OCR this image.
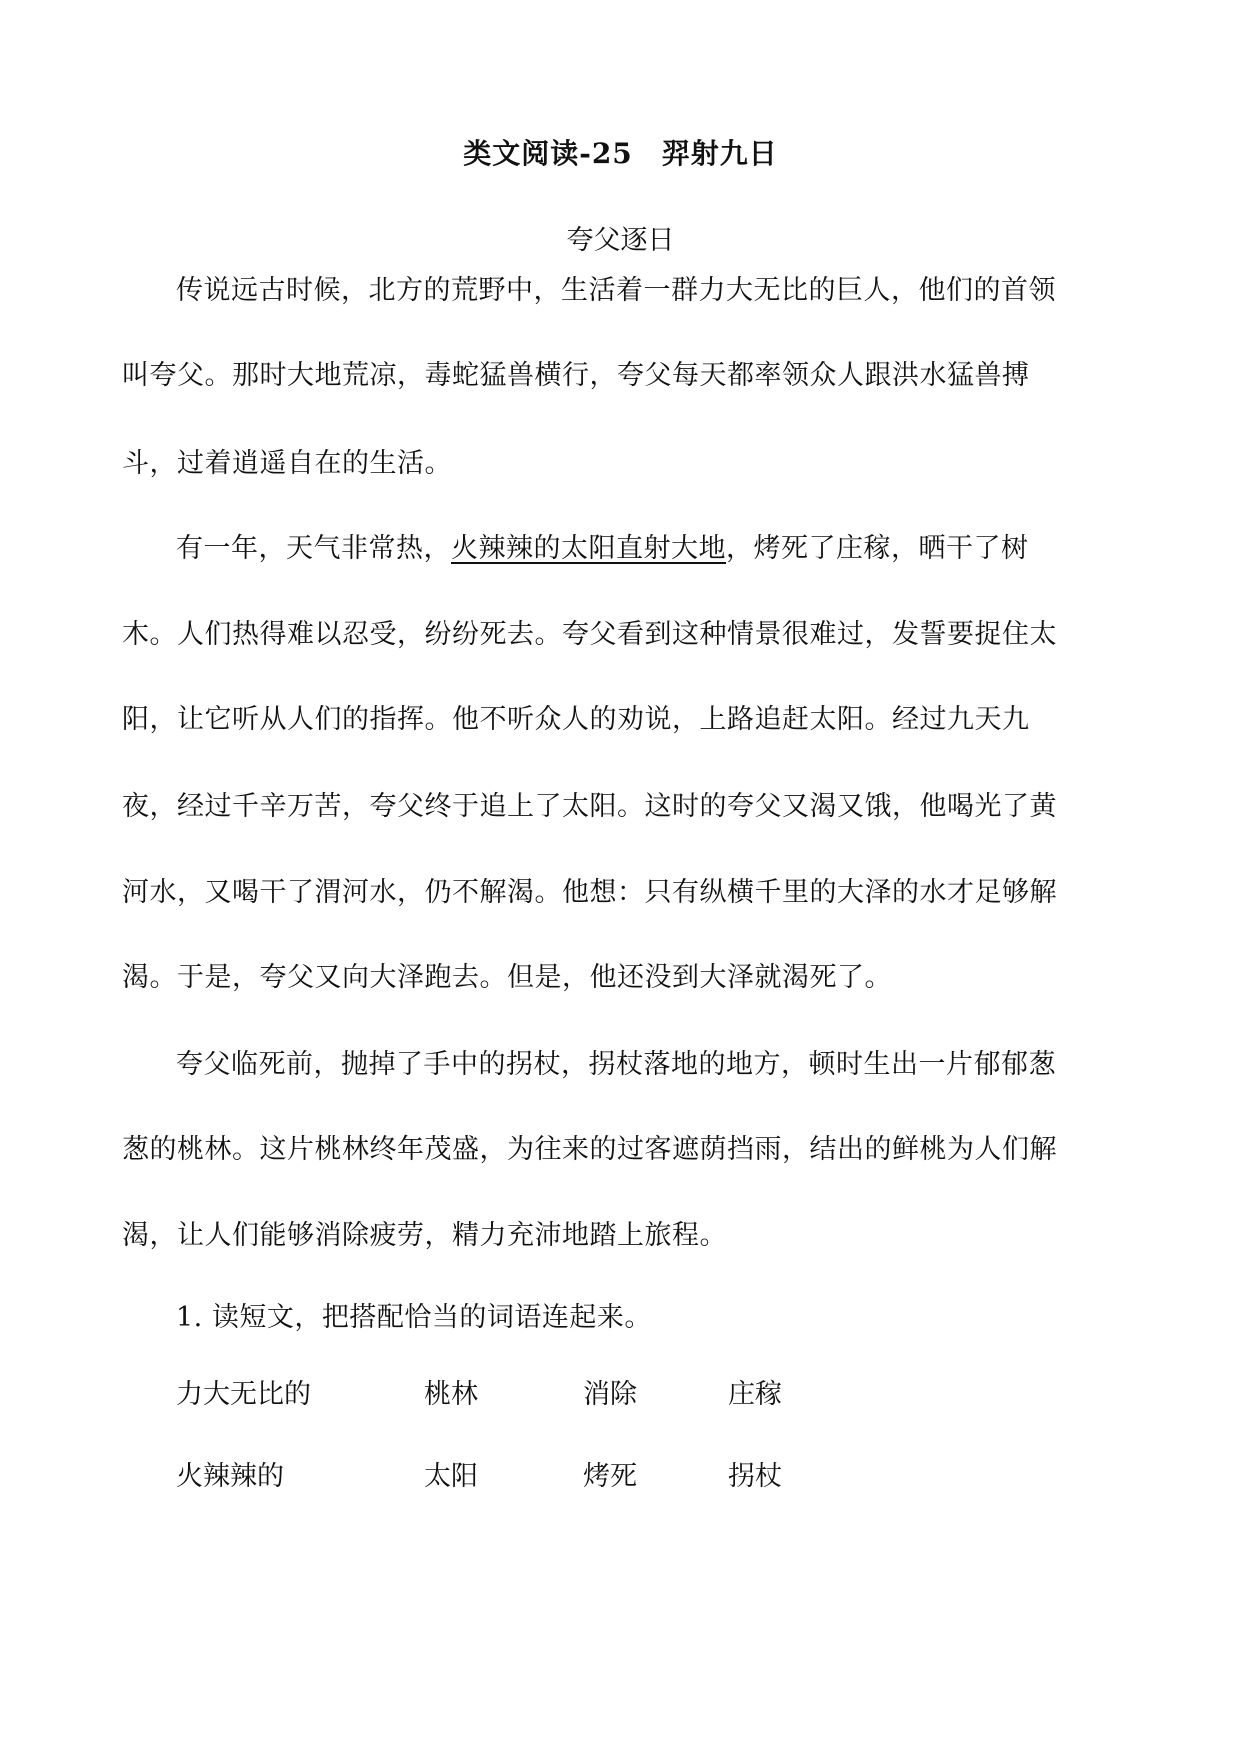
类文阅读-25　羿射九日
夸父逐日
传说远古时候，北方的荒野中，生活着一群力大无比的巨人，他们的首领
叫夸父。那时大地荒凉，毒蛇猛兽横行，夸父每天都率领众人跟洪水猛兽搏
斗，过着逍遥自在的生活。
有一年，天气非常热，火辣辣的太阳直射大地，烤死了庄稼，晒干了树
木。人们热得难以忍受，纷纷死去。夸父看到这种情景很难过，发誓要捉住太
阳，让它听从人们的指挥。他不听众人的劝说，上路追赶太阳。经过九天九
夜，经过千辛万苦，夸父终于追上了太阳。这时的夸父又渴又饿，他喝光了黄
河水，又喝干了渭河水，仍不解渴。他想：只有纵横千里的大泽的水才足够解
渴。于是，夸父又向大泽跑去。但是，他还没到大泽就渴死了。
夸父临死前，抛掉了手中的拐杖，拐杖落地的地方，顿时生出一片郁郁葱
葱的桃林。这片桃林终年茂盛，为往来的过客遮荫挡雨，结出的鲜桃为人们解
渴，让人们能够消除疲劳，精力充沛地踏上旅程。
1. 读短文，把搭配恰当的词语连起来。
力大无比的	桃林	消除	庄稼
火辣辣的	太阳	烤死	拐杖
